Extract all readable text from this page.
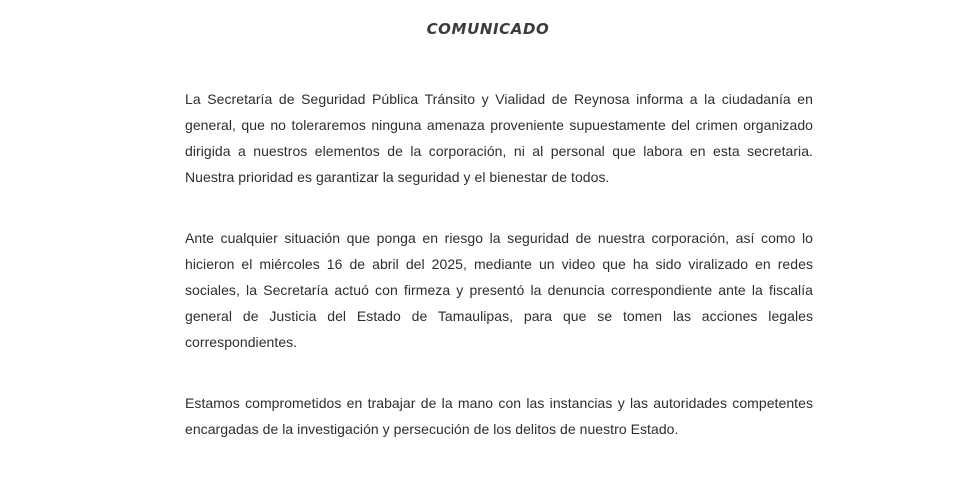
COMUNICADO

La Secretaría de Seguridad Pública Tránsito y Vialidad de Reynosa informa a la ciudadanía en general, que no toleraremos ninguna amenaza proveniente supuestamente del crimen organizado dirigida a nuestros elementos de la corporación, ni al personal que labora en esta secretaria. Nuestra prioridad es garantizar la seguridad y el bienestar de todos.

Ante cualquier situación que ponga en riesgo la seguridad de nuestra corporación, así como lo hicieron el miércoles 16 de abril del 2025, mediante un video que ha sido viralizado en redes sociales, la Secretaría actuó con firmeza y presentó la denuncia correspondiente ante la fiscalía general de Justicia del Estado de Tamaulipas, para que se tomen las acciones legales correspondientes.

Estamos comprometidos en trabajar de la mano con las instancias y las autoridades competentes encargadas de la investigación y persecución de los delitos de nuestro Estado.
